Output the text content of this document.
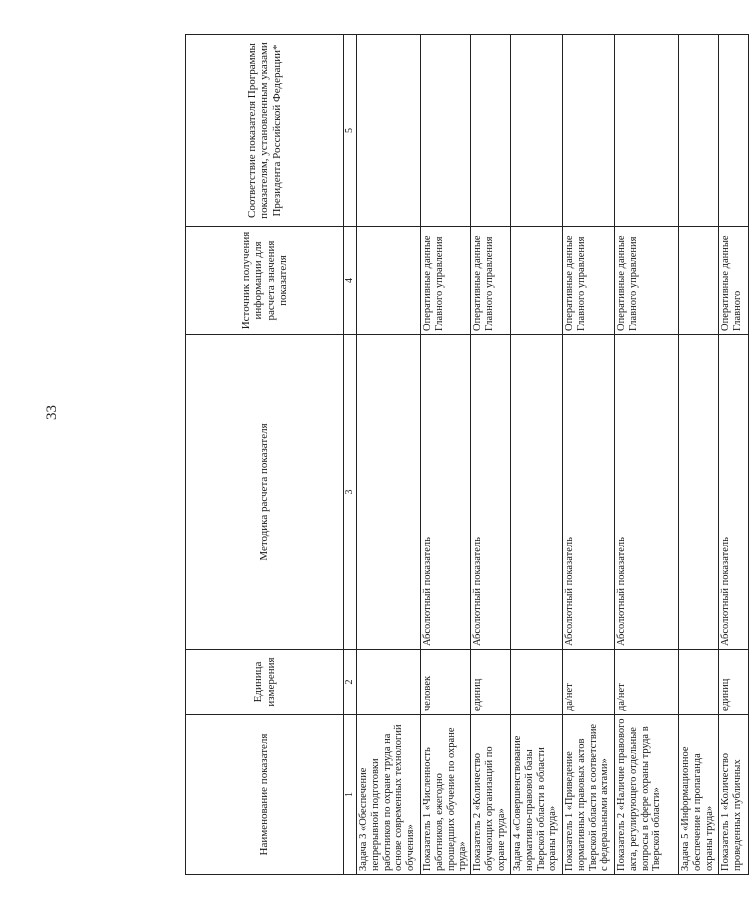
33
Наименование показателя	Единица измерения	Методика расчета показателя	Источник получения информации для расчета значения показателя	Соответствие показателя Программы показателям, установленным указами Президента Российской Федерации*
1	2	3	4	5
Задача 3 «Обеспечение непрерывной подготовки работников по охране труда на основе современных технологий обучения»				
Показатель 1 «Численность работников, ежегодно прошедших обучение по охране труда»	человек	Абсолютный показатель	Оперативные данные Главного управления	
Показатель 2 «Количество обучающих организаций по охране труда»	единиц	Абсолютный показатель	Оперативные данные Главного управления	
Задача 4 «Совершенствование нормативно-правовой базы Тверской области в области охраны труда»				
Показатель 1 «Приведение нормативных правовых актов Тверской области в соответствие с федеральными актами»	да/нет	Абсолютный показатель	Оперативные данные Главного управления	
Показатель 2 «Наличие правового акта, регулирующего отдельные вопросы в сфере охраны труда в Тверской области»	да/нет	Абсолютный показатель	Оперативные данные Главного управления	
Задача 5 «Информационное обеспечение и пропаганда охраны труда»				
Показатель 1 «Количество проведенных публичных	единиц	Абсолютный показатель	Оперативные данные Главного	
